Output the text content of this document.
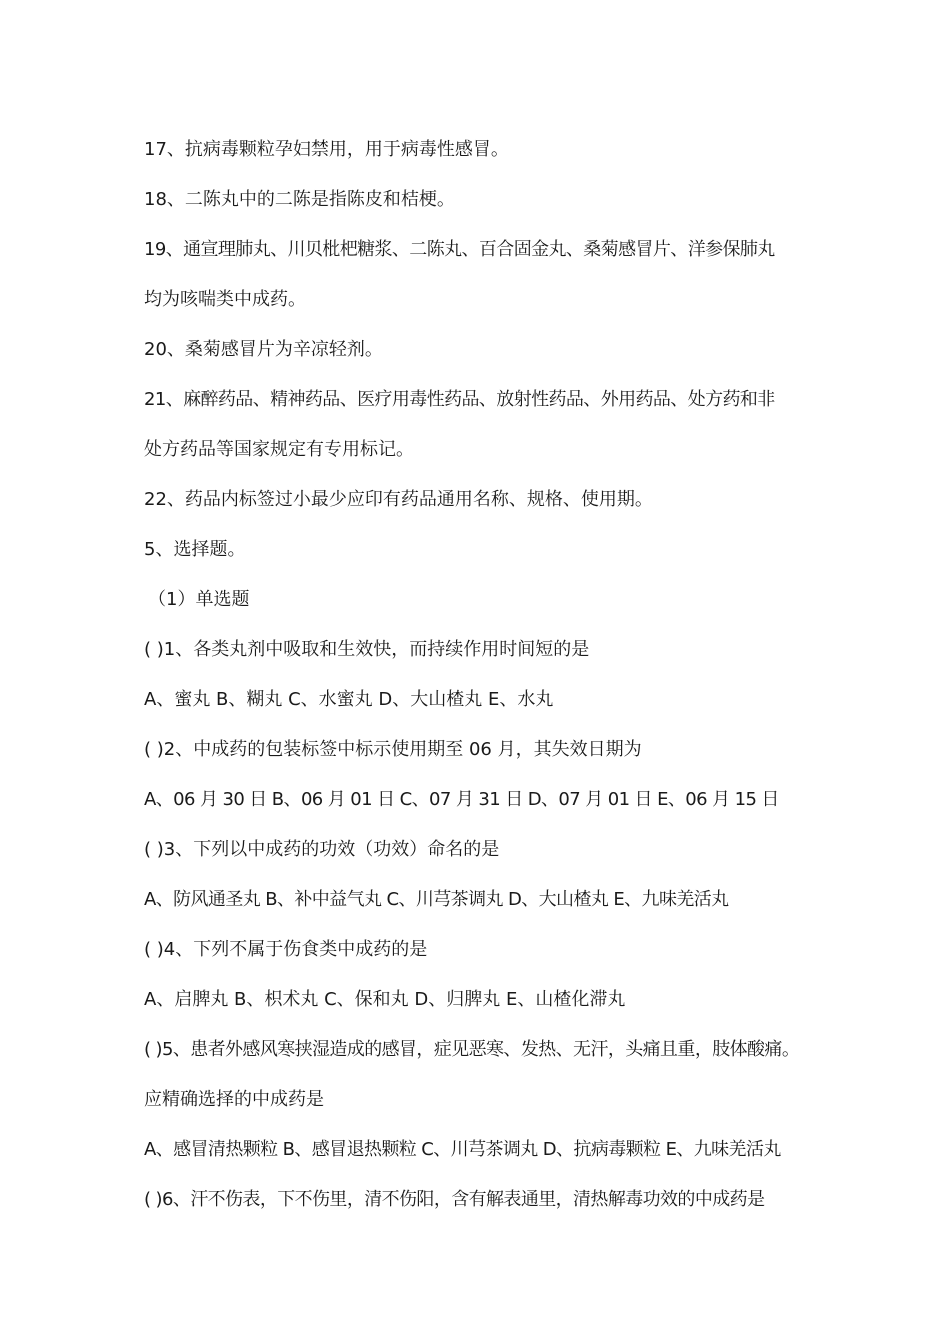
17、抗病毒颗粒孕妇禁用，用于病毒性感冒。
18、二陈丸中的二陈是指陈皮和桔梗。
19、通宣理肺丸、川贝枇杷糖浆、二陈丸、百合固金丸、桑菊感冒片、洋参保肺丸
均为咳喘类中成药。
20、桑菊感冒片为辛凉轻剂。
21、麻醉药品、精神药品、医疗用毒性药品、放射性药品、外用药品、处方药和非
处方药品等国家规定有专用标记。
22、药品内标签过小最少应印有药品通用名称、规格、使用期。
5、选择题。
（1）单选题
( )1、各类丸剂中吸取和生效快，而持续作用时间短的是
A、蜜丸 B、糊丸 C、水蜜丸 D、大山楂丸 E、水丸
( )2、中成药的包装标签中标示使用期至 06 月，其失效日期为
A、06 月 30 日 B、06 月 01 日 C、07 月 31 日 D、07 月 01 日 E、06 月 15 日
( )3、下列以中成药的功效（功效）命名的是
A、防风通圣丸 B、补中益气丸 C、川芎茶调丸 D、大山楂丸 E、九味羌活丸
( )4、下列不属于伤食类中成药的是
A、启脾丸 B、枳术丸 C、保和丸 D、归脾丸 E、山楂化滞丸
( )5、患者外感风寒挟湿造成的感冒，症见恶寒、发热、无汗，头痛且重，肢体酸痛。
应精确选择的中成药是
A、感冒清热颗粒 B、感冒退热颗粒 C、川芎茶调丸 D、抗病毒颗粒 E、九味羌活丸
( )6、汗不伤表，下不伤里，清不伤阳，含有解表通里，清热解毒功效的中成药是
